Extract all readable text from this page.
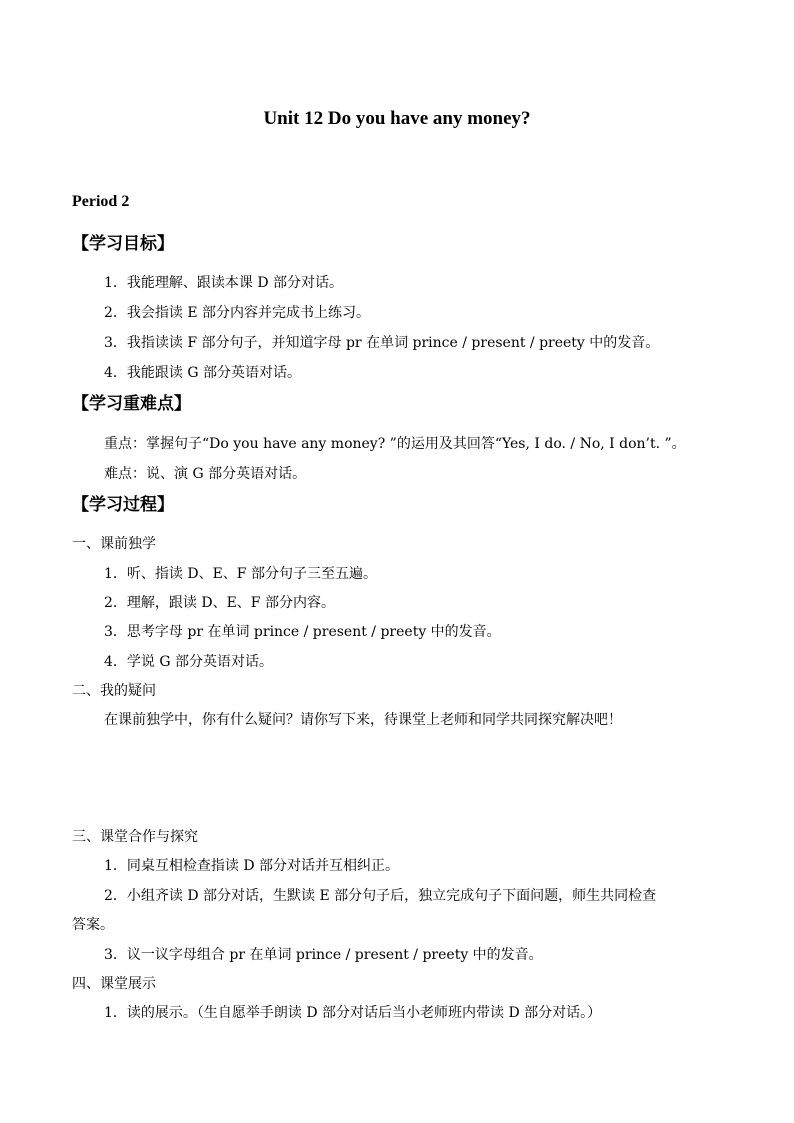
Unit 12 Do you have any money?
Period 2
【学习目标】
1．我能理解、跟读本课 D 部分对话。
2．我会指读 E 部分内容并完成书上练习。
3．我指读读 F 部分句子，并知道字母 pr 在单词 prince / present / preety 中的发音。
4．我能跟读 G 部分英语对话。
【学习重难点】
重点：掌握句子“Do you have any money? ”的运用及其回答“Yes, I do. / No, I don’t. ”。
难点：说、演 G 部分英语对话。
【学习过程】
一、课前独学
1．听、指读 D、E、F 部分句子三至五遍。
2．理解，跟读 D、E、F 部分内容。
3．思考字母 pr 在单词 prince / present / preety 中的发音。
4．学说 G 部分英语对话。
二、我的疑问
在课前独学中，你有什么疑问？请你写下来，待课堂上老师和同学共同探究解决吧！
三、课堂合作与探究
1．同桌互相检查指读 D 部分对话并互相纠正。
2．小组齐读 D 部分对话，生默读 E 部分句子后，独立完成句子下面问题，师生共同检查
答案。
3．议一议字母组合 pr 在单词 prince / present / preety 中的发音。
四、课堂展示
1．读的展示。（生自愿举手朗读 D 部分对话后当小老师班内带读 D 部分对话。）
